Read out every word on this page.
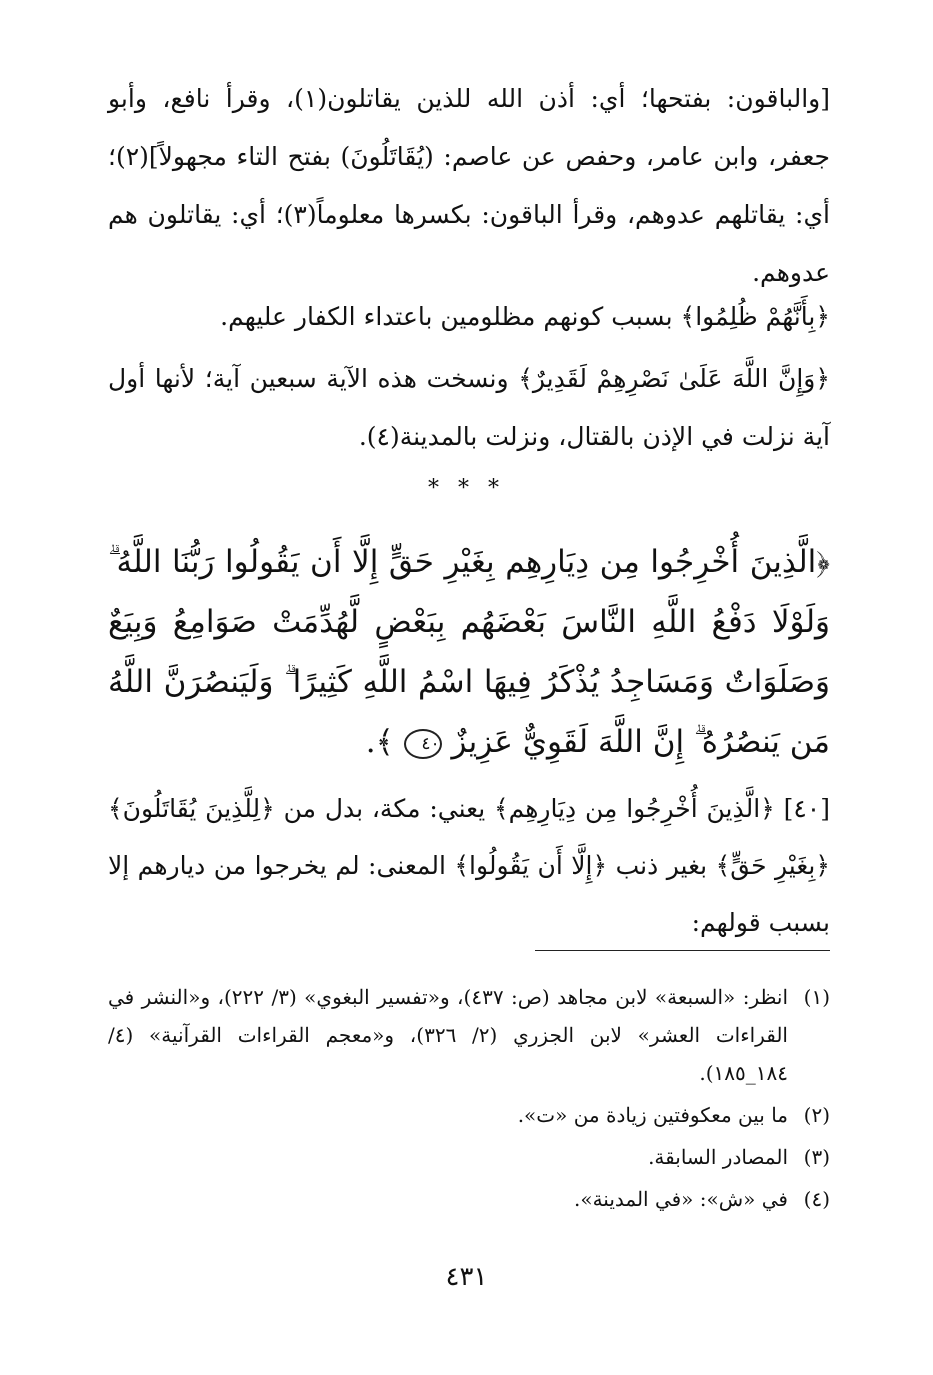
[والباقون: بفتحها؛ أي: أذن الله للذين يقاتلون(١)، وقرأ نافع، وأبو جعفر، وابن عامر، وحفص عن عاصم: (يُقَاتَلُونَ) بفتح التاء مجهولاً](٢)؛ أي: يقاتلهم عدوهم، وقرأ الباقون: بكسرها معلوماً(٣)؛ أي: يقاتلون هم عدوهم.

﴿بِأَنَّهُمْ ظُلِمُوا﴾ بسبب كونهم مظلومين باعتداء الكفار عليهم.

﴿وَإِنَّ اللَّهَ عَلَىٰ نَصْرِهِمْ لَقَدِيرٌ﴾ ونسخت هذه الآية سبعين آية؛ لأنها أول آية نزلت في الإذن بالقتال، ونزلت بالمدينة(٤).

* * *
﴿الَّذِينَ أُخْرِجُوا مِن دِيَارِهِم بِغَيْرِ حَقٍّ إِلَّا أَن يَقُولُوا رَبُّنَا اللَّهُ ۗ وَلَوْلَا دَفْعُ اللَّهِ النَّاسَ بَعْضَهُم بِبَعْضٍ لَّهُدِّمَتْ صَوَامِعُ وَبِيَعٌ وَصَلَوَاتٌ وَمَسَاجِدُ يُذْكَرُ فِيهَا اسْمُ اللَّهِ كَثِيرًا ۗ وَلَيَنصُرَنَّ اللَّهُ مَن يَنصُرُهُ ۗ إِنَّ اللَّهَ لَقَوِيٌّ عَزِيزٌ ٤٠ ﴾.

[٤٠] ﴿الَّذِينَ أُخْرِجُوا مِن دِيَارِهِم﴾ يعني: مكة، بدل من ﴿لِلَّذِينَ يُقَاتَلُونَ﴾ ﴿بِغَيْرِ حَقٍّ﴾ بغير ذنب ﴿إِلَّا أَن يَقُولُوا﴾ المعنى: لم يخرجوا من ديارهم إلا بسبب قولهم:

(١)
انظر: «السبعة» لابن مجاهد (ص: ٤٣٧)، و«تفسير البغوي» (٣/ ٢٢٢)، و«النشر في القراءات العشر» لابن الجزري (٢/ ٣٢٦)، و«معجم القراءات القرآنية» (٤/ ١٨٤_١٨٥).
(٢)
ما بين معكوفتين زيادة من «ت».
(٣)
المصادر السابقة.
(٤)
في «ش»: «في المدينة».
٤٣١
